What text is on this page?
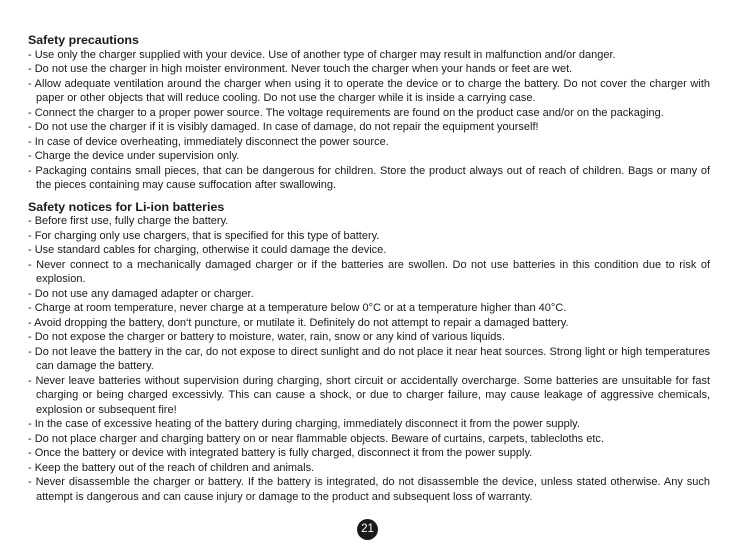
Safety precautions
- Use only the charger supplied with your device. Use of another type of charger may result in malfunction and/or danger.
- Do not use the charger in high moister environment. Never touch the charger when your hands or feet are wet.
- Allow adequate ventilation around the charger when using it to operate the device or to charge the battery. Do not cover the charger with paper or other objects that will reduce cooling. Do not use the charger while it is inside a carrying case.
- Connect the charger to a proper power source. The voltage requirements are found on the product case and/or on the packaging.
- Do not use the charger if it is visibly damaged. In case of damage, do not repair the equipment yourself!
- In case of device overheating, immediately disconnect the power source.
- Charge the device under supervision only.
- Packaging contains small pieces, that can be dangerous for children. Store the product always out of reach of children. Bags or many of the pieces containing may cause suffocation after swallowing.
Safety notices for Li-ion batteries
- Before first use, fully charge the battery.
- For charging only use chargers, that is specified for this type of battery.
- Use standard cables for charging, otherwise it could damage the device.
- Never connect to a mechanically damaged charger or if the batteries are swollen. Do not use batteries in this condition due to risk of explosion.
- Do not use any damaged adapter or charger.
- Charge at room temperature, never charge at a temperature below 0°C or at a temperature higher than 40°C.
- Avoid dropping the battery, don‘t puncture, or mutilate it. Definitely do not attempt to repair a damaged battery.
- Do not expose the charger or battery to moisture, water, rain, snow or any kind of various liquids.
- Do not leave the battery in the car, do not expose to direct sunlight and do not place it near heat sources. Strong light or high temperatures can damage the battery.
- Never leave batteries without supervision during charging, short circuit or accidentally overcharge. Some batteries are unsuitable for fast charging or being charged excessivly. This can cause a shock, or due to charger failure, may cause leakage of aggressive chemicals, explosion or subsequent fire!
- In the case of excessive heating of the battery during charging, immediately disconnect it from the power supply.
- Do not place charger and charging battery on or near flammable objects. Beware of curtains, carpets, tablecloths etc.
- Once the battery or device with integrated battery is fully charged, disconnect it from the power supply.
- Keep the battery out of the reach of children and animals.
- Never disassemble the charger or battery. If the battery is integrated, do not disassemble the device, unless stated otherwise. Any such attempt is dangerous and can cause injury or damage to the product and subsequent loss of warranty.
21
